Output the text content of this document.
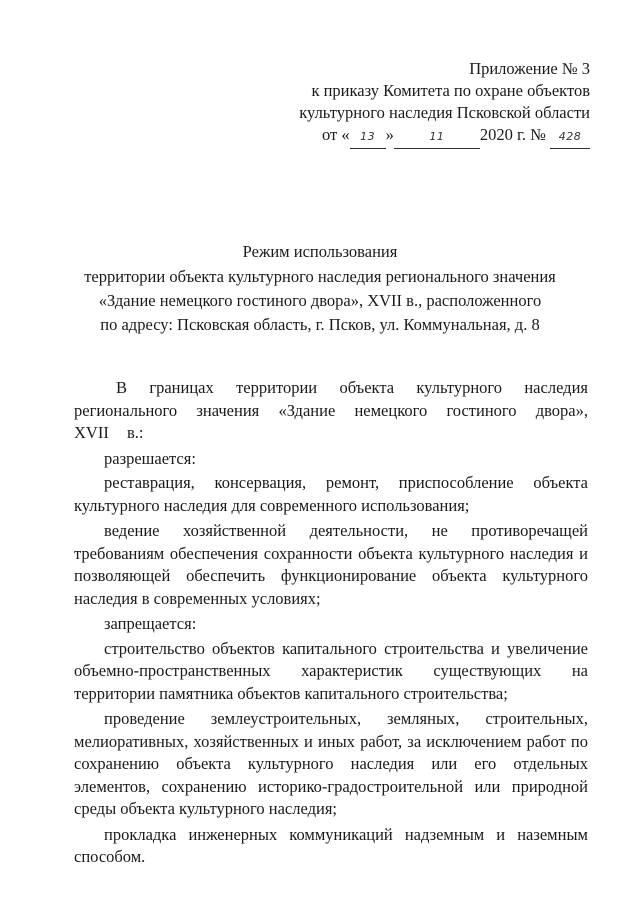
Приложение № 3
к приказу Комитета по охране объектов
культурного наследия Псковской области
от « 13 »	11 2020 г. № 428
Режим использования
территории объекта культурного наследия регионального значения
«Здание немецкого гостиного двора», XVII в., расположенного
по адресу: Псковская область, г. Псков, ул. Коммунальная, д. 8

В границах территории объекта культурного наследия регионального значения «Здание немецкого гостиного двора», XVII в.:

разрешается:

реставрация, консервация, ремонт, приспособление объекта культурного наследия для современного использования;

ведение хозяйственной деятельности, не противоречащей требованиям обеспечения сохранности объекта культурного наследия и позволяющей обеспечить функционирование объекта культурного наследия в современных условиях;

запрещается:

строительство объектов капитального строительства и увеличение объемно-пространственных характеристик существующих на территории памятника объектов капитального строительства;

проведение землеустроительных, земляных, строительных, мелиоративных, хозяйственных и иных работ, за исключением работ по сохранению объекта культурного наследия или его отдельных элементов, сохранению историко-градостроительной или природной среды объекта культурного наследия;

прокладка инженерных коммуникаций надземным и наземным способом.
